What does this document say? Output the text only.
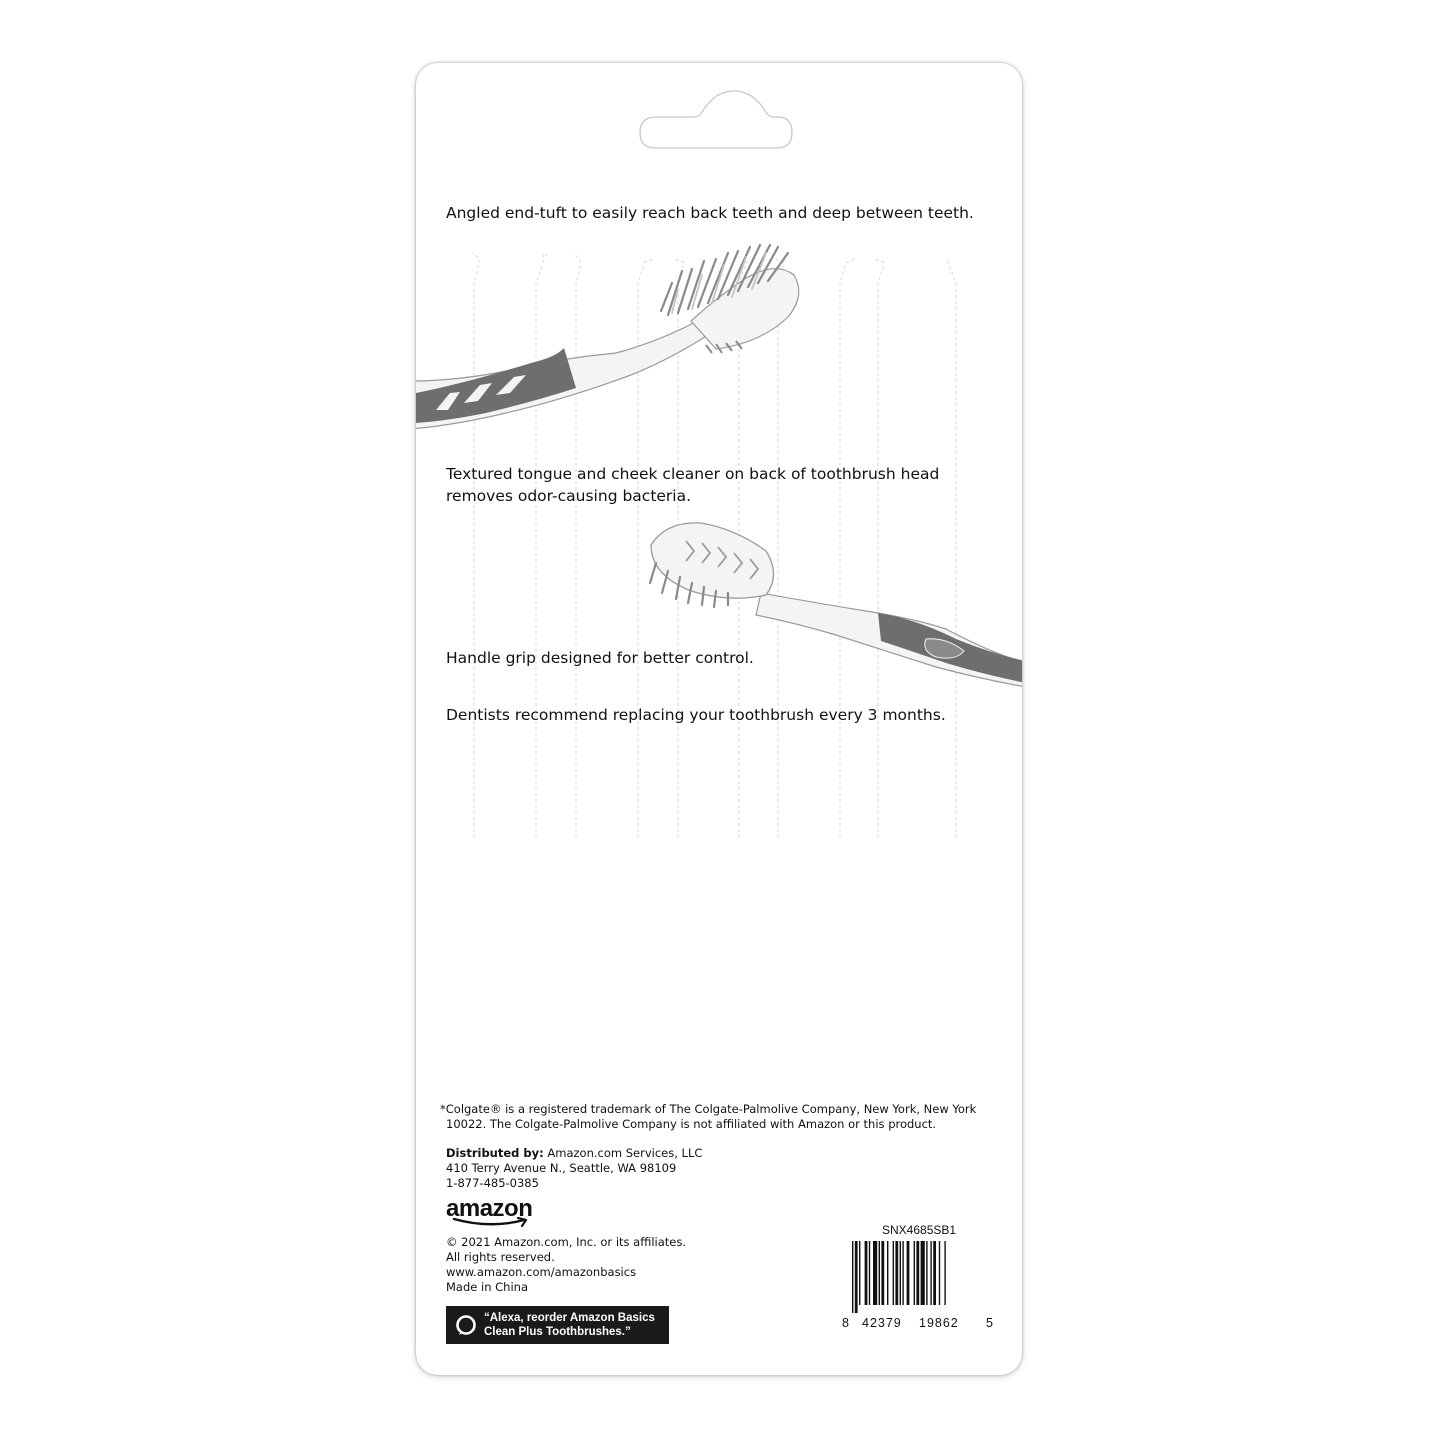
Angled end-tuft to easily reach back teeth and deep between teeth.
Textured tongue and cheek cleaner on back of toothbrush head
removes odor-causing bacteria.
Handle grip designed for better control.
Dentists recommend replacing your toothbrush every 3 months.
*Colgate® is a registered trademark of The Colgate-Palmolive Company, New York, New York
10022. The Colgate-Palmolive Company is not affiliated with Amazon or this product.
Distributed by: Amazon.com Services, LLC
410 Terry Avenue N., Seattle, WA 98109
1-877-485-0385
amazon
© 2021 Amazon.com, Inc. or its affiliates.
All rights reserved.
www.amazon.com/amazonbasics
Made in China
“Alexa, reorder Amazon Basics
Clean Plus Toothbrushes.”
SNX4685SB1
8 42379 19862 5
